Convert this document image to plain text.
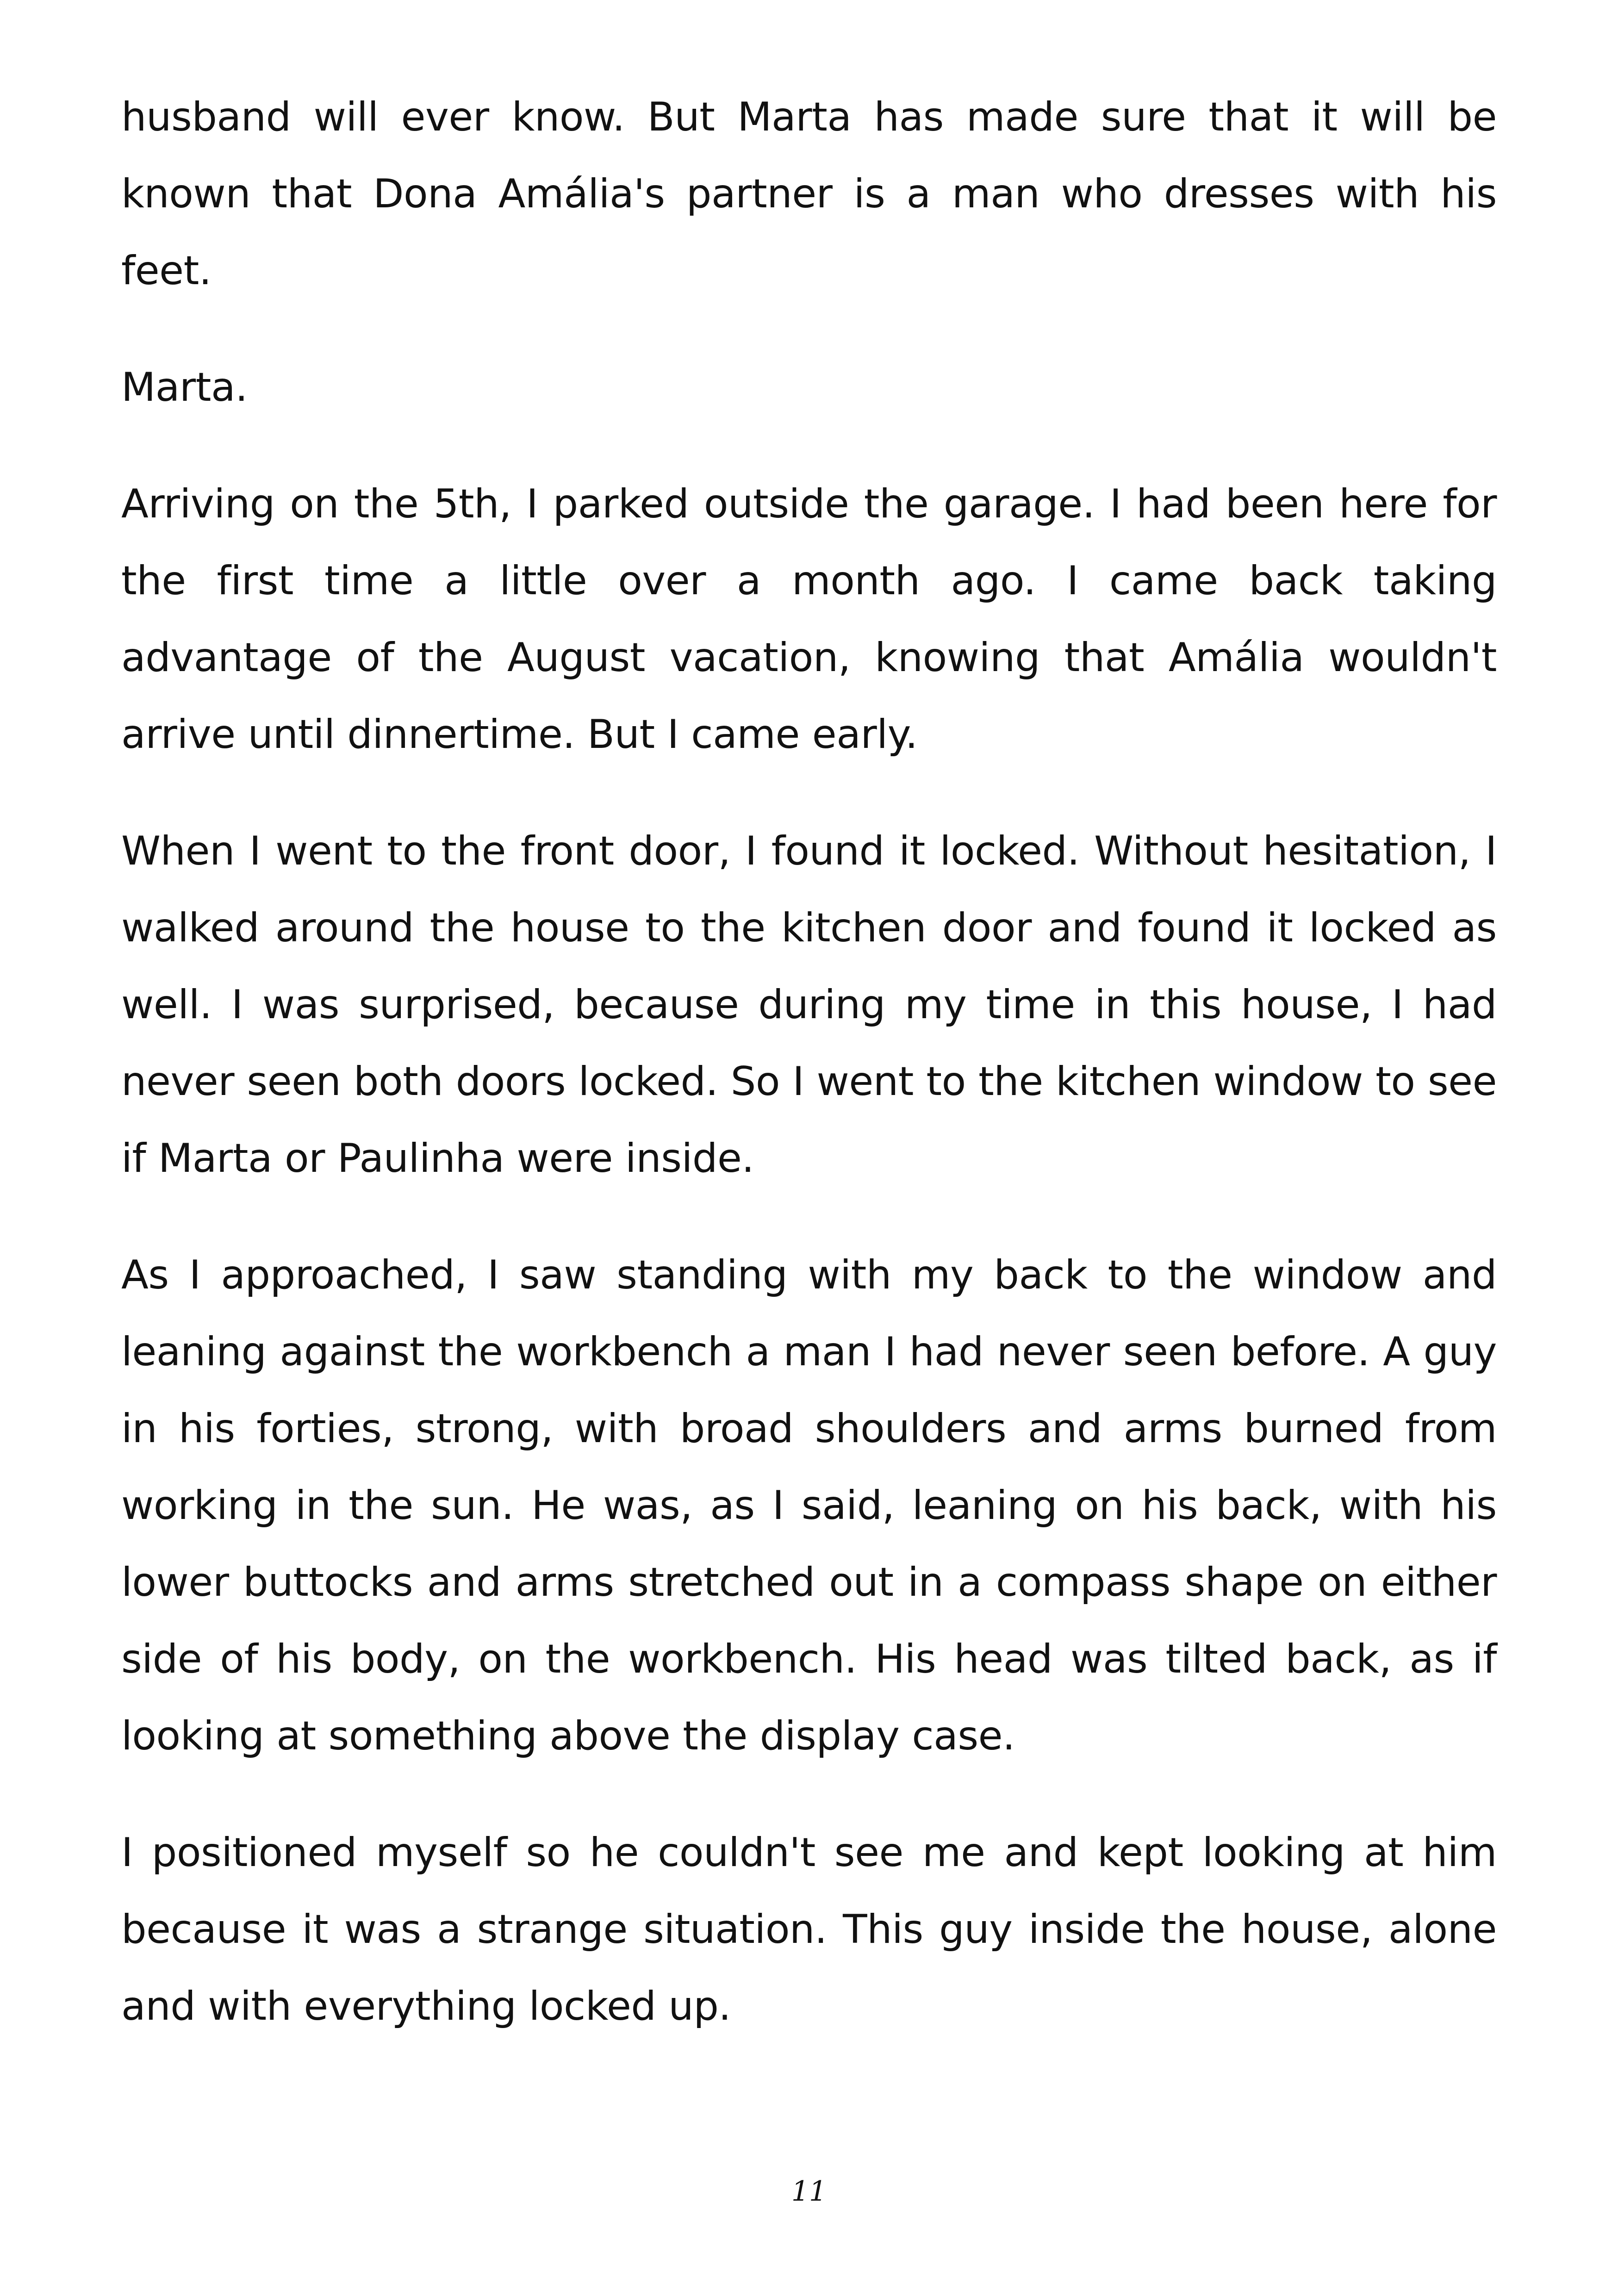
husband will ever know. But Marta has made sure that it will be known that Dona Amália's partner is a man who dresses with his feet.

Marta.

Arriving on the 5th, I parked outside the garage. I had been here for the first time a little over a month ago. I came back taking advantage of the August vacation, knowing that Amália wouldn't arrive until dinnertime. But I came early.

When I went to the front door, I found it locked. Without hesitation, I walked around the house to the kitchen door and found it locked as well. I was surprised, because during my time in this house, I had never seen both doors locked. So I went to the kitchen window to see if Marta or Paulinha were inside.

As I approached, I saw standing with my back to the window and leaning against the workbench a man I had never seen before. A guy in his forties, strong, with broad shoulders and arms burned from working in the sun. He was, as I said, leaning on his back, with his lower buttocks and arms stretched out in a compass shape on either side of his body, on the workbench. His head was tilted back, as if looking at something above the display case.

I positioned myself so he couldn't see me and kept looking at him because it was a strange situation. This guy inside the house, alone and with everything locked up.

11
